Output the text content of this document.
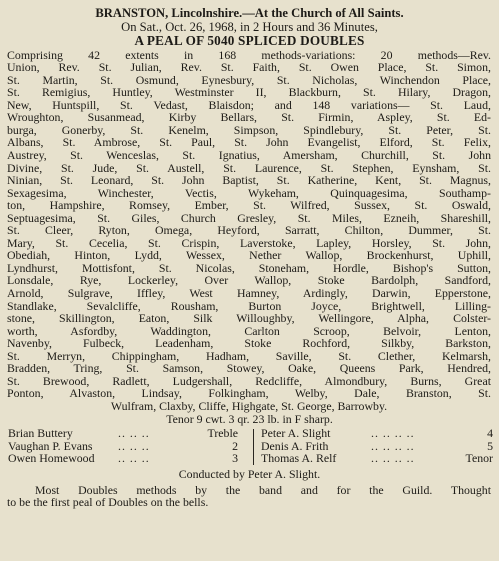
BRANSTON, Lincolnshire.—At the Church of All Saints.
On Sat., Oct. 26, 1968, in 2 Hours and 36 Minutes,
A PEAL OF 5040 SPLICED DOUBLES
Comprising 42 extents in 168 methods-variations: 20 methods—Rev.
Union, Rev. St. Julian, Rev. St. Faith, St. Owen Place, St. Simon,
St. Martin, St. Osmund, Eynesbury, St. Nicholas, Winchendon Place,
St. Remigius, Huntley, Westminster II, Blackburn, St. Hilary, Dragon,
New, Huntspill, St. Vedast, Blaisdon; and 148 variations— St. Laud,
Wroughton, Susanmead, Kirby Bellars, St. Firmin, Aspley, St. Ed-
burga, Gonerby, St. Kenelm, Simpson, Spindlebury, St. Peter, St.
Albans, St. Ambrose, St. Paul, St. John Evangelist, Elford, St. Felix,
Austrey, St. Wenceslas, St. Ignatius, Amersham, Churchill, St. John
Divine, St. Jude, St. Austell, St. Laurence, St. Stephen, Eynsham, St.
Ninian, St. Leonard, St. John Baptist, St. Katherine, Kent, St. Magnus,
Sexagesima, Winchester, Vectis, Wykeham, Quinquagesima, Southamp-
ton, Hampshire, Romsey, Ember, St. Wilfred, Sussex, St. Oswald,
Septuagesima, St. Giles, Church Gresley, St. Miles, Ezneih, Shareshill,
St. Cleer, Ryton, Omega, Heyford, Sarratt, Chilton, Dummer, St.
Mary, St. Cecelia, St. Crispin, Laverstoke, Lapley, Horsley, St. John,
Obediah, Hinton, Lydd, Wessex, Nether Wallop, Brockenhurst, Uphill,
Lyndhurst, Mottisfont, St. Nicolas, Stoneham, Hordle, Bishop's Sutton,
Lonsdale, Rye, Lockerley, Over Wallop, Stoke Bardolph, Sandford,
Arnold, Sulgrave, Iffley, West Hamney, Ardingly, Darwin, Epperstone,
Standlake, Sevalcliffe, Rousham, Burton Joyce, Brightwell, Lilling-
stone, Skillington, Eaton, Silk Willoughby, Wellingore, Alpha, Colster-
worth, Asfordby, Waddington, Carlton Scroop, Belvoir, Lenton,
Navenby, Fulbeck, Leadenham, Stoke Rochford, Silkby, Barkston,
St. Merryn, Chippingham, Hadham, Saville, St. Clether, Kelmarsh,
Bradden, Tring, St. Samson, Stowey, Oake, Queens Park, Hendred,
St. Brewood, Radlett, Ludgershall, Redcliffe, Almondbury, Burns, Great
Ponton, Alvaston, Lindsay, Folkingham, Welby, Dale, Branston, St.
Wulfram, Claxby, Cliffe, Highgate, St. George, Barrowby.
Tenor 9 cwt. 3 qr. 23 lb. in F sharp.
Brian Buttery	.. .. ..	Treble
Vaughan P. Evans .. .. ..	2
Owen Homewood .. .. ..	3
Peter A. Slight	.. .. .. ..	4
Denis A. Frith	.. .. .. ..	5
Thomas A. Relf	.. .. .. ..	Tenor
Conducted by Peter A. Slight.
Most Doubles methods by the band and for the Guild. Thought
to be the first peal of Doubles on the bells.
